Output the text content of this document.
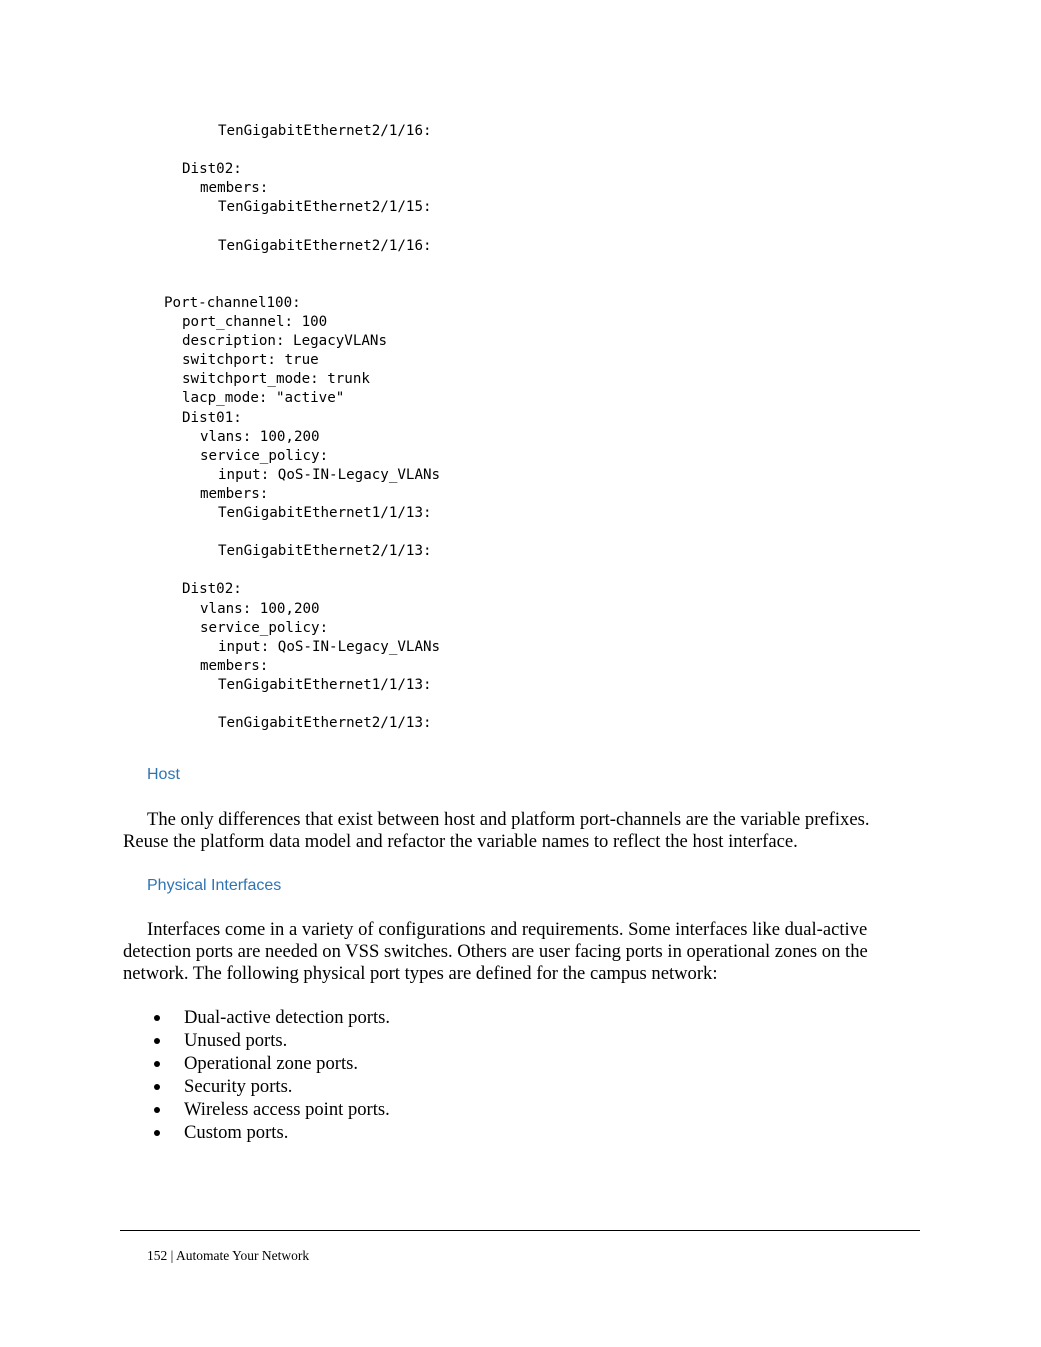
TenGigabitEthernet2/1/16:
Dist02:
members:
TenGigabitEthernet2/1/15:
TenGigabitEthernet2/1/16:
Port-channel100:
port_channel: 100
description: LegacyVLANs
switchport: true
switchport_mode: trunk
lacp_mode: "active"
Dist01:
vlans: 100,200
service_policy:
input: QoS-IN-Legacy_VLANs
members:
TenGigabitEthernet1/1/13:
TenGigabitEthernet2/1/13:
Dist02:
vlans: 100,200
service_policy:
input: QoS-IN-Legacy_VLANs
members:
TenGigabitEthernet1/1/13:
TenGigabitEthernet2/1/13:
Host

The only differences that exist between host and platform port-channels are the variable prefixes. Reuse the platform data model and refactor the variable names to reflect the host interface.

Physical Interfaces

Interfaces come in a variety of configurations and requirements. Some interfaces like dual-active detection ports are needed on VSS switches. Others are user facing ports in operational zones on the network. The following physical port types are defined for the campus network:

Dual-active detection ports.
Unused ports.
Operational zone ports.
Security ports.
Wireless access point ports.
Custom ports.
152 | Automate Your Network
